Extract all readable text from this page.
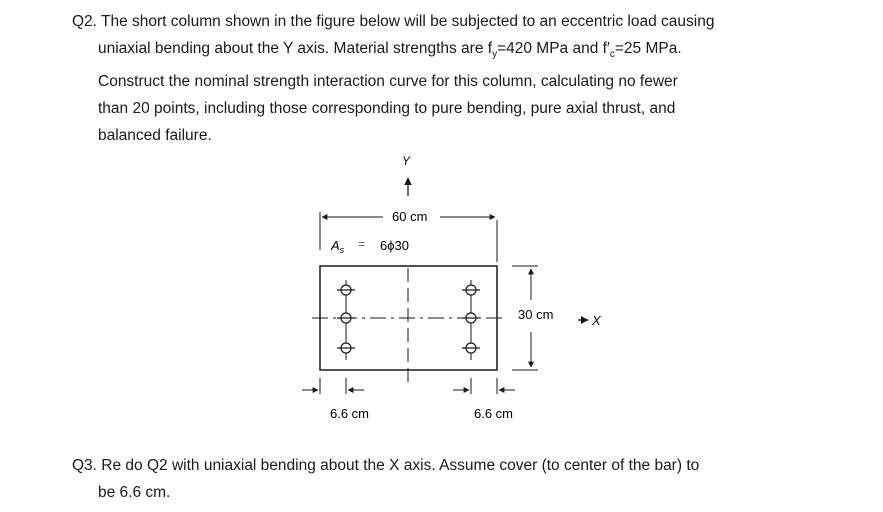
Q2. The short column shown in the figure below will be subjected to an eccentric load causing
uniaxial bending about the Y axis. Material strengths are $f_y=420$ MPa and $f'_c=25$ MPa.
Construct the nominal strength interaction curve for this column, calculating no fewer
than 20 points, including those corresponding to pure bending, pure axial thrust, and
balanced failure.
Y
60 cm
$A_s = 6\phi 30$
30 cm	X
6.6 cm	6.6 cm
Q3. Re do Q2 with uniaxial bending about the X axis. Assume cover (to center of the bar) to
be 6.6 cm.
